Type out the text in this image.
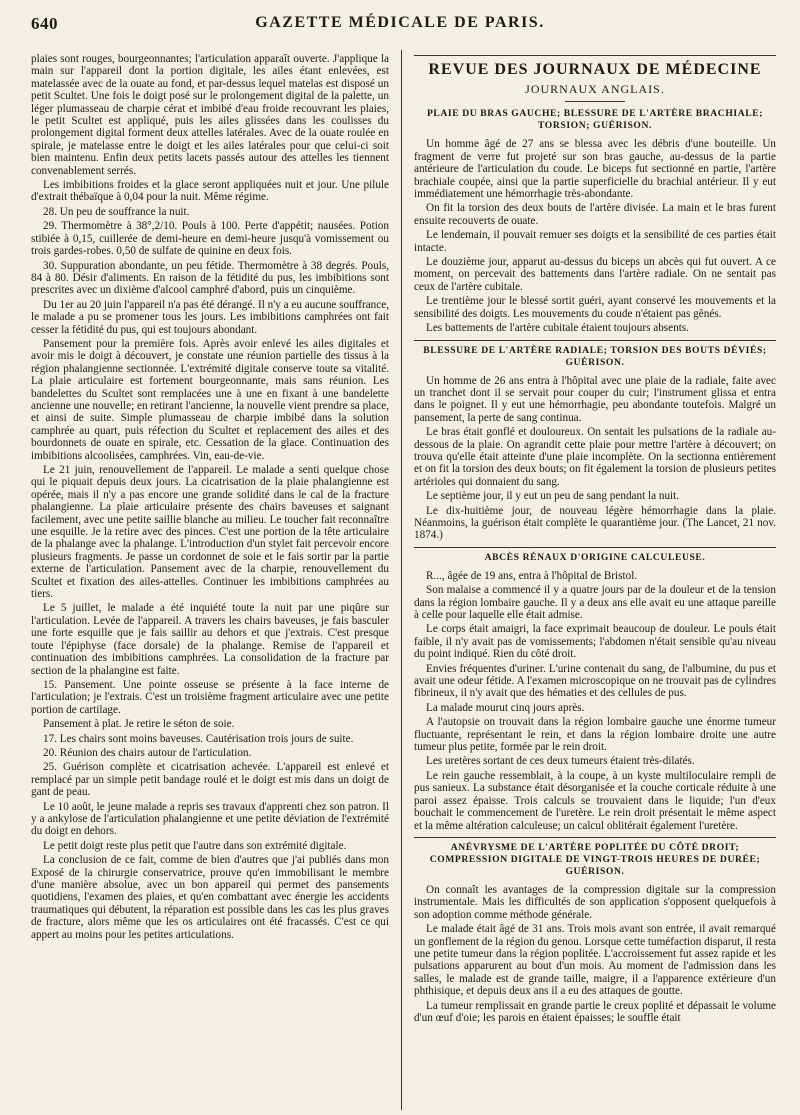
640	GAZETTE MÉDICALE DE PARIS.

plaies sont rouges, bourgeonnantes; l'articulation apparaît ouverte. J'applique la main sur l'appareil dont la portion digitale, les ailes étant enlevées, est matelassée avec de la ouate au fond, et par-dessus lequel matelas est disposé un petit Scultet. Une fois le doigt posé sur le prolongement digital de la palette, un léger plumasseau de charpie cérat et imbibé d'eau froide recouvrant les plaies, le petit Scultet est appliqué, puis les ailes glissées dans les coulisses du prolongement digital forment deux attelles latérales. Avec de la ouate roulée en spirale, je matelasse entre le doigt et les ailes latérales pour que celui-ci soit bien maintenu. Enfin deux petits lacets passés autour des attelles les tiennent convenablement serrés.

Les imbibitions froides et la glace seront appliquées nuit et jour. Une pilule d'extrait thébaïque à 0,04 pour la nuit. Même régime.

28. Un peu de souffrance la nuit.

29. Thermomètre à 38°,2/10. Pouls à 100. Perte d'appétit; nausées. Potion stibiée à 0,15, cuillerée de demi-heure en demi-heure jusqu'à vomissement ou trois gardes-robes. 0,50 de sulfate de quinine en deux fois.

30. Suppuration abondante, un peu fétide. Thermomètre à 38 degrés. Pouls, 84 à 80. Désir d'aliments. En raison de la fétidité du pus, les imbibitions sont prescrites avec un dixième d'alcool camphré d'abord, puis un cinquième.

Du 1er au 20 juin l'appareil n'a pas été dérangé. Il n'y a eu aucune souffrance, le malade a pu se promener tous les jours. Les imbibitions camphrées ont fait cesser la fétidité du pus, qui est toujours abondant.

Pansement pour la première fois. Après avoir enlevé les ailes digitales et avoir mis le doigt à découvert, je constate une réunion partielle des tissus à la région phalangienne sectionnée. L'extrémité digitale conserve toute sa vitalité. La plaie articulaire est fortement bourgeonnante, mais sans réunion. Les bandelettes du Scultet sont remplacées une à une en fixant à une bandelette ancienne une nouvelle; en retirant l'ancienne, la nouvelle vient prendre sa place, et ainsi de suite. Simple plumasseau de charpie imbibé dans la solution camphrée au quart, puis réfection du Scultet et replacement des ailes et des bourdonnets de ouate en spirale, etc. Cessation de la glace. Continuation des imbibitions alcoolisées, camphrées. Vin, eau-de-vie.

Le 21 juin, renouvellement de l'appareil. Le malade a senti quelque chose qui le piquait depuis deux jours. La cicatrisation de la plaie phalangienne est opérée, mais il n'y a pas encore une grande solidité dans le cal de la fracture phalangienne. La plaie articulaire présente des chairs baveuses et saignant facilement, avec une petite saillie blanche au milieu. Le toucher fait reconnaître une esquille. Je la retire avec des pinces. C'est une portion de la tête articulaire de la phalange avec la phalange. L'introduction d'un stylet fait percevoir encore plusieurs fragments. Je passe un cordonnet de soie et le fais sortir par la partie externe de l'articulation. Pansement avec de la charpie, renouvellement du Scultet et fixation des ailes-attelles. Continuer les imbibitions camphrées au tiers.

Le 5 juillet, le malade a été inquiété toute la nuit par une piqûre sur l'articulation. Levée de l'appareil. A travers les chairs baveuses, je fais basculer une forte esquille que je fais saillir au dehors et que j'extrais. C'est presque toute l'épiphyse (face dorsale) de la phalange. Remise de l'appareil et continuation des imbibitions camphrées. La consolidation de la fracture par section de la phalangine est faite.

15. Pansement. Une pointe osseuse se présente à la face interne de l'articulation; je l'extrais. C'est un troisième fragment articulaire avec une petite portion de cartilage.

Pansement à plat. Je retire le séton de soie.

17. Les chairs sont moins baveuses. Cautérisation trois jours de suite.

20. Réunion des chairs autour de l'articulation.

25. Guérison complète et cicatrisation achevée. L'appareil est enlevé et remplacé par un simple petit bandage roulé et le doigt est mis dans un doigt de gant de peau.

Le 10 août, le jeune malade a repris ses travaux d'apprenti chez son patron. Il y a ankylose de l'articulation phalangienne et une petite déviation de l'extrémité du doigt en dehors.

Le petit doigt reste plus petit que l'autre dans son extrémité digitale.

La conclusion de ce fait, comme de bien d'autres que j'ai publiés dans mon Exposé de la chirurgie conservatrice, prouve qu'en immobilisant le membre d'une manière absolue, avec un bon appareil qui permet des pansements quotidiens, l'examen des plaies, et qu'en combattant avec énergie les accidents traumatiques qui débutent, la réparation est possible dans les cas les plus graves de fracture, alors même que les os articulaires ont été fracassés. C'est ce qui appert au moins pour les petites articulations.

REVUE DES JOURNAUX DE MÉDECINE
JOURNAUX ANGLAIS.
PLAIE DU BRAS GAUCHE; BLESSURE DE L'ARTÈRE BRACHIALE; TORSION; GUÉRISON.

Un homme âgé de 27 ans se blessa avec les débris d'une bouteille. Un fragment de verre fut projeté sur son bras gauche, au-dessus de la partie antérieure de l'articulation du coude. Le biceps fut sectionné en partie, l'artère brachiale coupée, ainsi que la partie superficielle du brachial antérieur. Il y eut immédiatement une hémorrhagie très-abondante.

On fit la torsion des deux bouts de l'artère divisée. La main et le bras furent ensuite recouverts de ouate.

Le lendemain, il pouvait remuer ses doigts et la sensibilité de ces parties était intacte.

Le douzième jour, apparut au-dessus du biceps un abcès qui fut ouvert. A ce moment, on percevait des battements dans l'artère radiale. On ne sentait pas ceux de l'artère cubitale.

Le trentième jour le blessé sortit guéri, ayant conservé les mouvements et la sensibilité des doigts. Les mouvements du coude n'étaient pas gênés.

Les battements de l'artère cubitale étaient toujours absents.

BLESSURE DE L'ARTÈRE RADIALE; TORSION DES BOUTS DÉVIÉS; GUÉRISON.

Un homme de 26 ans entra à l'hôpital avec une plaie de la radiale, faite avec un tranchet dont il se servait pour couper du cuir; l'instrument glissa et entra dans le poignet. Il y eut une hémorrhagie, peu abondante toutefois. Malgré un pansement, la perte de sang continua.

Le bras était gonflé et douloureux. On sentait les pulsations de la radiale au-dessous de la plaie. On agrandit cette plaie pour mettre l'artère à découvert; on trouva qu'elle était atteinte d'une plaie incomplète. On la sectionna entièrement et on fit la torsion des deux bouts; on fit également la torsion de plusieurs petites artérioles qui donnaient du sang.

Le septième jour, il y eut un peu de sang pendant la nuit.

Le dix-huitième jour, de nouveau légère hémorrhagie dans la plaie. Néanmoins, la guérison était complète le quarantième jour. (The Lancet, 21 nov. 1874.)

ABCÈS RÉNAUX D'ORIGINE CALCULEUSE.

R..., âgée de 19 ans, entra à l'hôpital de Bristol.

Son malaise a commencé il y a quatre jours par de la douleur et de la tension dans la région lombaire gauche. Il y a deux ans elle avait eu une attaque pareille à celle pour laquelle elle était admise.

Le corps était amaigri, la face exprimait beaucoup de douleur. Le pouls était faible, il n'y avait pas de vomissements; l'abdomen n'était sensible qu'au niveau du point indiqué. Rien du côté droit.

Envies fréquentes d'uriner. L'urine contenait du sang, de l'albumine, du pus et avait une odeur fétide. A l'examen microscopique on ne trouvait pas de cylindres fibrineux, il n'y avait que des hématies et des cellules de pus.

La malade mourut cinq jours après.

A l'autopsie on trouvait dans la région lombaire gauche une énorme tumeur fluctuante, représentant le rein, et dans la région lombaire droite une autre tumeur plus petite, formée par le rein droit.

Les uretères sortant de ces deux tumeurs étaient très-dilatés.

Le rein gauche ressemblait, à la coupe, à un kyste multiloculaire rempli de pus sanieux. La substance était désorganisée et la couche corticale réduite à une paroi assez épaisse. Trois calculs se trouvaient dans le liquide; l'un d'eux bouchait le commencement de l'uretère. Le rein droit présentait le même aspect et la même altération calculeuse; un calcul oblitérait également l'uretère.

ANÉVRYSME DE L'ARTÈRE POPLITÉE DU CÔTÉ DROIT; COMPRESSION DIGITALE DE VINGT-TROIS HEURES DE DURÉE; GUÉRISON.

On connaît les avantages de la compression digitale sur la compression instrumentale. Mais les difficultés de son application s'opposent quelquefois à son adoption comme méthode générale.

Le malade était âgé de 31 ans. Trois mois avant son entrée, il avait remarqué un gonflement de la région du genou. Lorsque cette tuméfaction disparut, il resta une petite tumeur dans la région poplitée. L'accroissement fut assez rapide et les pulsations apparurent au bout d'un mois. Au moment de l'admission dans les salles, le malade est de grande taille, maigre, il a l'apparence extérieure d'un phthisique, et depuis deux ans il a eu des attaques de goutte.

La tumeur remplissait en grande partie le creux poplité et dépassait le volume d'un œuf d'oie; les parois en étaient épaisses; le souffle était
